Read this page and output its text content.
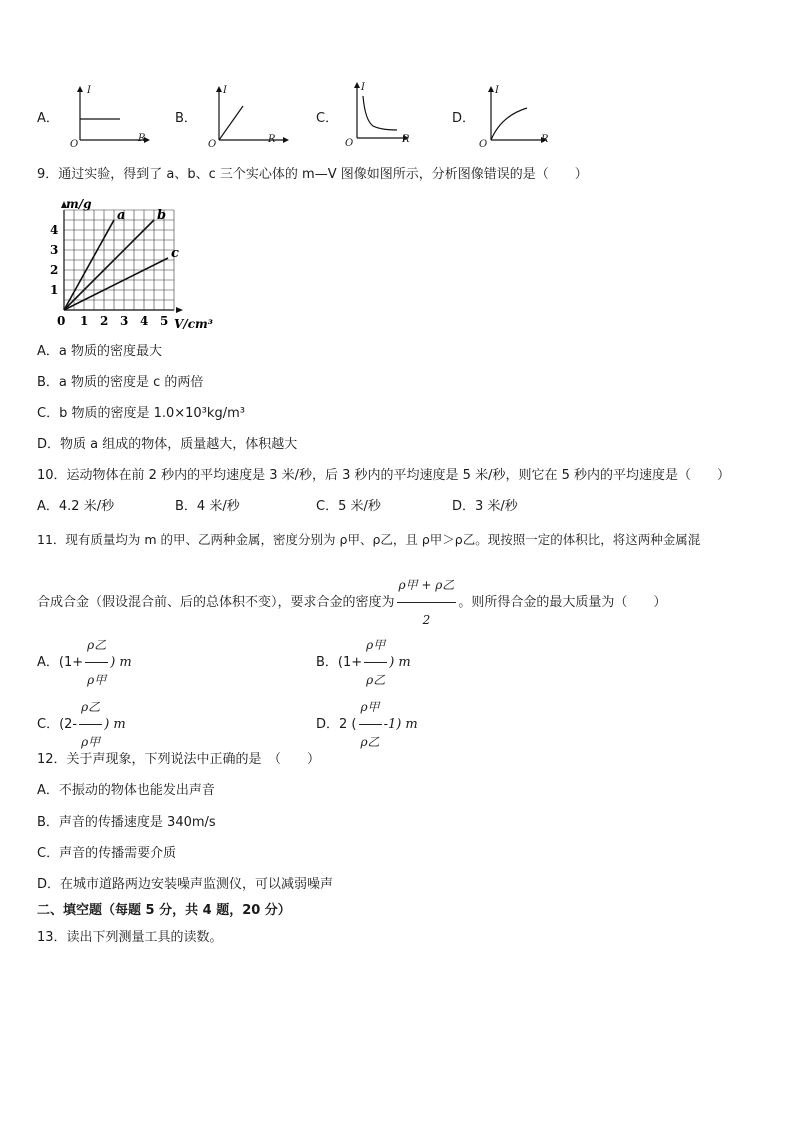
A．
I
R
O
B．
I
R
O
C．
I
R
O
D．
I
R
O
9．通过实验，得到了 a、b、c 三个实心体的 m—V 图像如图所示，分析图像错误的是（　　）
m/g
V/cm³
0
1
2
3
4
1 2 3 4 5
a b
c
A．a 物质的密度最大
B．a 物质的密度是 c 的两倍
C．b 物质的密度是 1.0×10³kg/m³
D．物质 a 组成的物体，质量越大，体积越大
10．运动物体在前 2 秒内的平均速度是 3 米/秒，后 3 秒内的平均速度是 5 米/秒，则它在 5 秒内的平均速度是（　　）
A．4.2 米/秒	B．4 米/秒	C．5 米/秒	D．3 米/秒
11．现有质量均为 m 的甲、乙两种金属，密度分别为 ρ甲、ρ乙，且 ρ甲＞ρ乙。现按照一定的体积比，将这两种金属混
合成合金（假设混合前、后的总体积不变），要求合金的密度为 $\frac{\text{ρ甲 + ρ乙}}{2}$ 。则所得合金的最大质量为（　　）
A．($1+ \frac{\text{ρ乙}}{\text{ρ甲}}$ ) m	B．($1+ \frac{\text{ρ甲}}{\text{ρ乙}}$ ) m
C．($2- \frac{\text{ρ乙}}{\text{ρ甲}}$ ) m	D．2 ( $\frac{\text{ρ甲}}{\text{ρ乙}} -1$) m
12．关于声现象，下列说法中正确的是　（　　）
A．不振动的物体也能发出声音
B．声音的传播速度是 340m/s
C．声音的传播需要介质
D．在城市道路两边安装噪声监测仪，可以减弱噪声
二、填空题（每题 5 分，共 4 题，20 分）
13．读出下列测量工具的读数。
